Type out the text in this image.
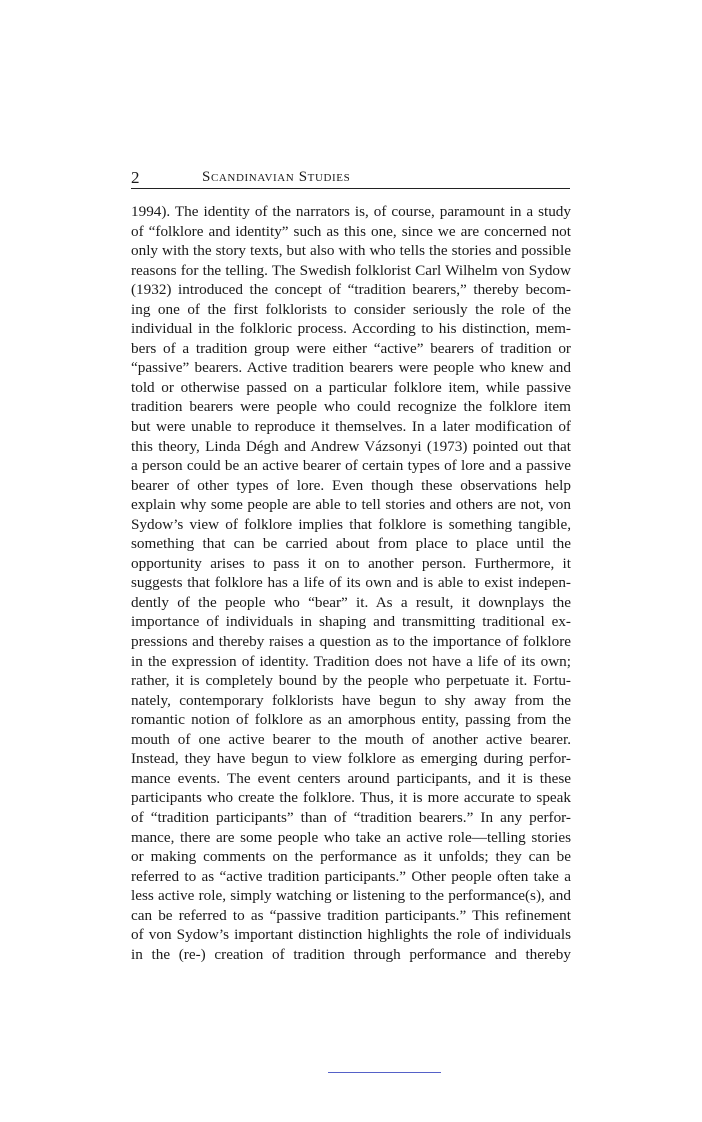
2	Scandinavian Studies
1994). The identity of the narrators is, of course, paramount in a study
of “folklore and identity” such as this one, since we are concerned not
only with the story texts, but also with who tells the stories and possible
reasons for the telling. The Swedish folklorist Carl Wilhelm von Sydow
(1932) introduced the concept of “tradition bearers,” thereby becom-
ing one of the first folklorists to consider seriously the role of the
individual in the folkloric process. According to his distinction, mem-
bers of a tradition group were either “active” bearers of tradition or
“passive” bearers. Active tradition bearers were people who knew and
told or otherwise passed on a particular folklore item, while passive
tradition bearers were people who could recognize the folklore item
but were unable to reproduce it themselves. In a later modification of
this theory, Linda Dégh and Andrew Vázsonyi (1973) pointed out that
a person could be an active bearer of certain types of lore and a passive
bearer of other types of lore. Even though these observations help
explain why some people are able to tell stories and others are not, von
Sydow’s view of folklore implies that folklore is something tangible,
something that can be carried about from place to place until the
opportunity arises to pass it on to another person. Furthermore, it
suggests that folklore has a life of its own and is able to exist indepen-
dently of the people who “bear” it. As a result, it downplays the
importance of individuals in shaping and transmitting traditional ex-
pressions and thereby raises a question as to the importance of folklore
in the expression of identity. Tradition does not have a life of its own;
rather, it is completely bound by the people who perpetuate it. Fortu-
nately, contemporary folklorists have begun to shy away from the
romantic notion of folklore as an amorphous entity, passing from the
mouth of one active bearer to the mouth of another active bearer.
Instead, they have begun to view folklore as emerging during perfor-
mance events. The event centers around participants, and it is these
participants who create the folklore. Thus, it is more accurate to speak
of “tradition participants” than of “tradition bearers.” In any perfor-
mance, there are some people who take an active role—telling stories
or making comments on the performance as it unfolds; they can be
referred to as “active tradition participants.” Other people often take a
less active role, simply watching or listening to the performance(s), and
can be referred to as “passive tradition participants.” This refinement
of von Sydow’s important distinction highlights the role of individuals
in the (re-) creation of tradition through performance and thereby
